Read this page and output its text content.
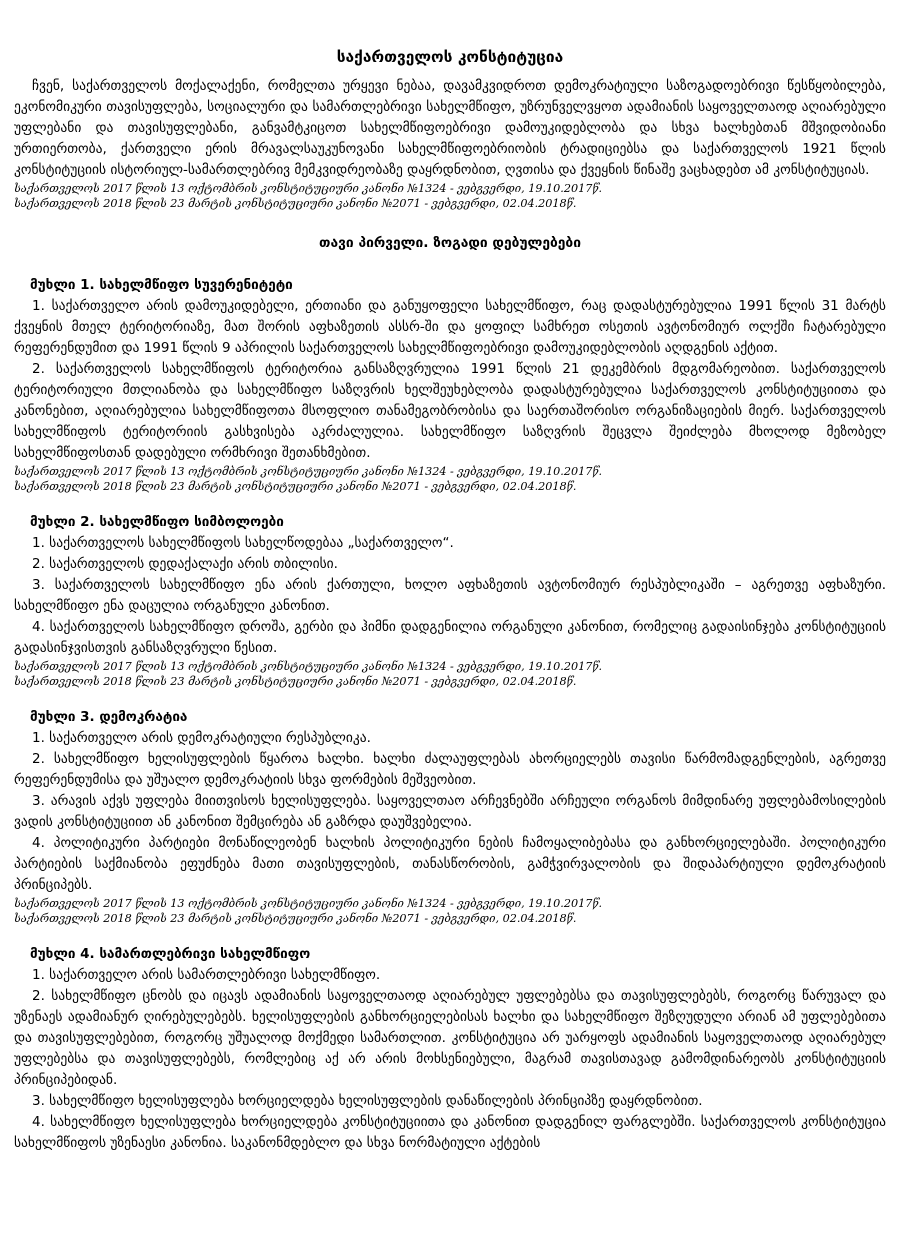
საქართველოს კონსტიტუცია

ჩვენ, საქართველოს მოქალაქენი, რომელთა ურყევი ნებაა, დავამკვიდროთ დემოკრატიული საზოგადოებრივი წესწყობილება, ეკონომიკური თავისუფლება, სოციალური და სამართლებრივი სახელმწიფო, უზრუნველვყოთ ადამიანის საყოველთაოდ აღიარებული უფლებანი და თავისუფლებანი, განვამტკიცოთ სახელმწიფოებრივი დამოუკიდებლობა და სხვა ხალხებთან მშვიდობიანი ურთიერთობა, ქართველი ერის მრავალსაუკუნოვანი სახელმწიფოებრიობის ტრადიციებსა და საქართველოს 1921 წლის კონსტიტუციის ისტორიულ-სამართლებრივ მემკვიდრეობაზე დაყრდნობით, ღვთისა და ქვეყნის წინაშე ვაცხადებთ ამ კონსტიტუციას.

საქართველოს 2017 წლის 13 ოქტომბრის კონსტიტუციური კანონი №1324 - ვებგვერდი, 19.10.2017წ.

საქართველოს 2018 წლის 23 მარტის კონსტიტუციური კანონი №2071 - ვებგვერდი, 02.04.2018წ.

თავი პირველი. ზოგადი დებულებები

მუხლი 1. სახელმწიფო სუვერენიტეტი

1. საქართველო არის დამოუკიდებელი, ერთიანი და განუყოფელი სახელმწიფო, რაც დადასტურებულია 1991 წლის 31 მარტს ქვეყნის მთელ ტერიტორიაზე, მათ შორის აფხაზეთის ასსრ-ში და ყოფილ სამხრეთ ოსეთის ავტონომიურ ოლქში ჩატარებული რეფერენდუმით და 1991 წლის 9 აპრილის საქართველოს სახელმწიფოებრივი დამოუკიდებლობის აღდგენის აქტით.

2. საქართველოს სახელმწიფოს ტერიტორია განსაზღვრულია 1991 წლის 21 დეკემბრის მდგომარეობით. საქართველოს ტერიტორიული მთლიანობა და სახელმწიფო საზღვრის ხელშეუხებლობა დადასტურებულია საქართველოს კონსტიტუციითა და კანონებით, აღიარებულია სახელმწიფოთა მსოფლიო თანამეგობრობისა და საერთაშორისო ორგანიზაციების მიერ. საქართველოს სახელმწიფოს ტერიტორიის გასხვისება აკრძალულია. სახელმწიფო საზღვრის შეცვლა შეიძლება მხოლოდ მეზობელ სახელმწიფოსთან დადებული ორმხრივი შეთანხმებით.

საქართველოს 2017 წლის 13 ოქტომბრის კონსტიტუციური კანონი №1324 - ვებგვერდი, 19.10.2017წ.

საქართველოს 2018 წლის 23 მარტის კონსტიტუციური კანონი №2071 - ვებგვერდი, 02.04.2018წ.

მუხლი 2. სახელმწიფო სიმბოლოები

1. საქართველოს სახელმწიფოს სახელწოდებაა „საქართველო“.

2. საქართველოს დედაქალაქი არის თბილისი.

3. საქართველოს სახელმწიფო ენა არის ქართული, ხოლო აფხაზეთის ავტონომიურ რესპუბლიკაში – აგრეთვე აფხაზური. სახელმწიფო ენა დაცულია ორგანული კანონით.

4. საქართველოს სახელმწიფო დროშა, გერბი და ჰიმნი დადგენილია ორგანული კანონით, რომელიც გადაისინჯება კონსტიტუციის გადასინჯვისთვის განსაზღვრული წესით.

საქართველოს 2017 წლის 13 ოქტომბრის კონსტიტუციური კანონი №1324 - ვებგვერდი, 19.10.2017წ.

საქართველოს 2018 წლის 23 მარტის კონსტიტუციური კანონი №2071 - ვებგვერდი, 02.04.2018წ.

მუხლი 3. დემოკრატია

1. საქართველო არის დემოკრატიული რესპუბლიკა.

2. სახელმწიფო ხელისუფლების წყაროა ხალხი. ხალხი ძალაუფლებას ახორციელებს თავისი წარმომადგენლების, აგრეთვე რეფერენდუმისა და უშუალო დემოკრატიის სხვა ფორმების მეშვეობით.

3. არავის აქვს უფლება მიითვისოს ხელისუფლება. საყოველთაო არჩევნებში არჩეული ორგანოს მიმდინარე უფლებამოსილების ვადის კონსტიტუციით ან კანონით შემცირება ან გაზრდა დაუშვებელია.

4. პოლიტიკური პარტიები მონაწილეობენ ხალხის პოლიტიკური ნების ჩამოყალიბებასა და განხორციელებაში. პოლიტიკური პარტიების საქმიანობა ეფუძნება მათი თავისუფლების, თანასწორობის, გამჭვირვალობის და შიდაპარტიული დემოკრატიის პრინციპებს.

საქართველოს 2017 წლის 13 ოქტომბრის კონსტიტუციური კანონი №1324 - ვებგვერდი, 19.10.2017წ.

საქართველოს 2018 წლის 23 მარტის კონსტიტუციური კანონი №2071 - ვებგვერდი, 02.04.2018წ.

მუხლი 4. სამართლებრივი სახელმწიფო

1. საქართველო არის სამართლებრივი სახელმწიფო.

2. სახელმწიფო ცნობს და იცავს ადამიანის საყოველთაოდ აღიარებულ უფლებებსა და თავისუფლებებს, როგორც წარუვალ და უზენაეს ადამიანურ ღირებულებებს. ხელისუფლების განხორციელებისას ხალხი და სახელმწიფო შეზღუდული არიან ამ უფლებებითა და თავისუფლებებით, როგორც უშუალოდ მოქმედი სამართლით. კონსტიტუცია არ უარყოფს ადამიანის საყოველთაოდ აღიარებულ უფლებებსა და თავისუფლებებს, რომლებიც აქ არ არის მოხსენიებული, მაგრამ თავისთავად გამომდინარეობს კონსტიტუციის პრინციპებიდან.

3. სახელმწიფო ხელისუფლება ხორციელდება ხელისუფლების დანაწილების პრინციპზე დაყრდნობით.

4. სახელმწიფო ხელისუფლება ხორციელდება კონსტიტუციითა და კანონით დადგენილ ფარგლებში. საქართველოს კონსტიტუცია სახელმწიფოს უზენაესი კანონია. საკანონმდებლო და სხვა ნორმატიული აქტების
